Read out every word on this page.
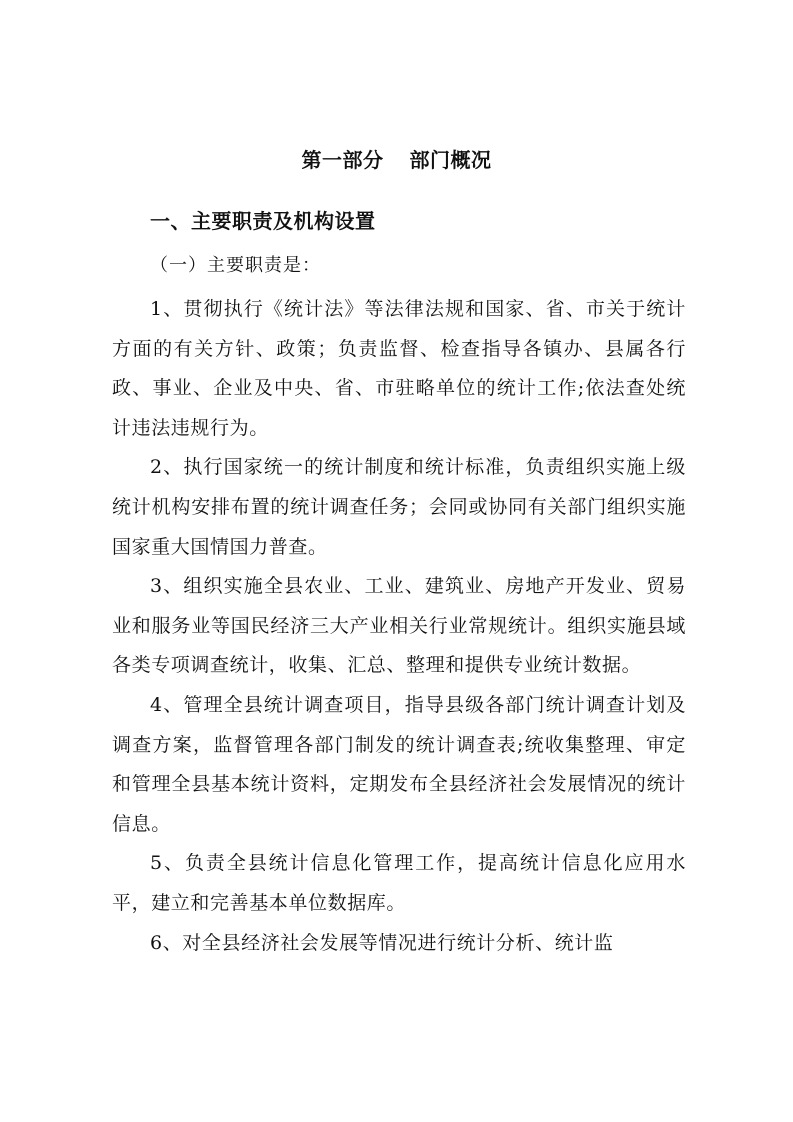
第一部分 部门概况
一、主要职责及机构设置
（一）主要职责是：

1、贯彻执行《统计法》等法律法规和国家、省、市关于统计方面的有关方针、政策；负责监督、检查指导各镇办、县属各行政、事业、企业及中央、省、市驻略单位的统计工作;依法查处统计违法违规行为。

2、执行国家统一的统计制度和统计标准，负责组织实施上级统计机构安排布置的统计调查任务；会同或协同有关部门组织实施国家重大国情国力普查。

3、组织实施全县农业、工业、建筑业、房地产开发业、贸易业和服务业等国民经济三大产业相关行业常规统计。组织实施县域各类专项调查统计，收集、汇总、整理和提供专业统计数据。

4、管理全县统计调查项目，指导县级各部门统计调查计划及调查方案，监督管理各部门制发的统计调查表;统收集整理、审定和管理全县基本统计资料，定期发布全县经济社会发展情况的统计信息。

5、负责全县统计信息化管理工作，提高统计信息化应用水平，建立和完善基本单位数据库。

6、对全县经济社会发展等情况进行统计分析、统计监
